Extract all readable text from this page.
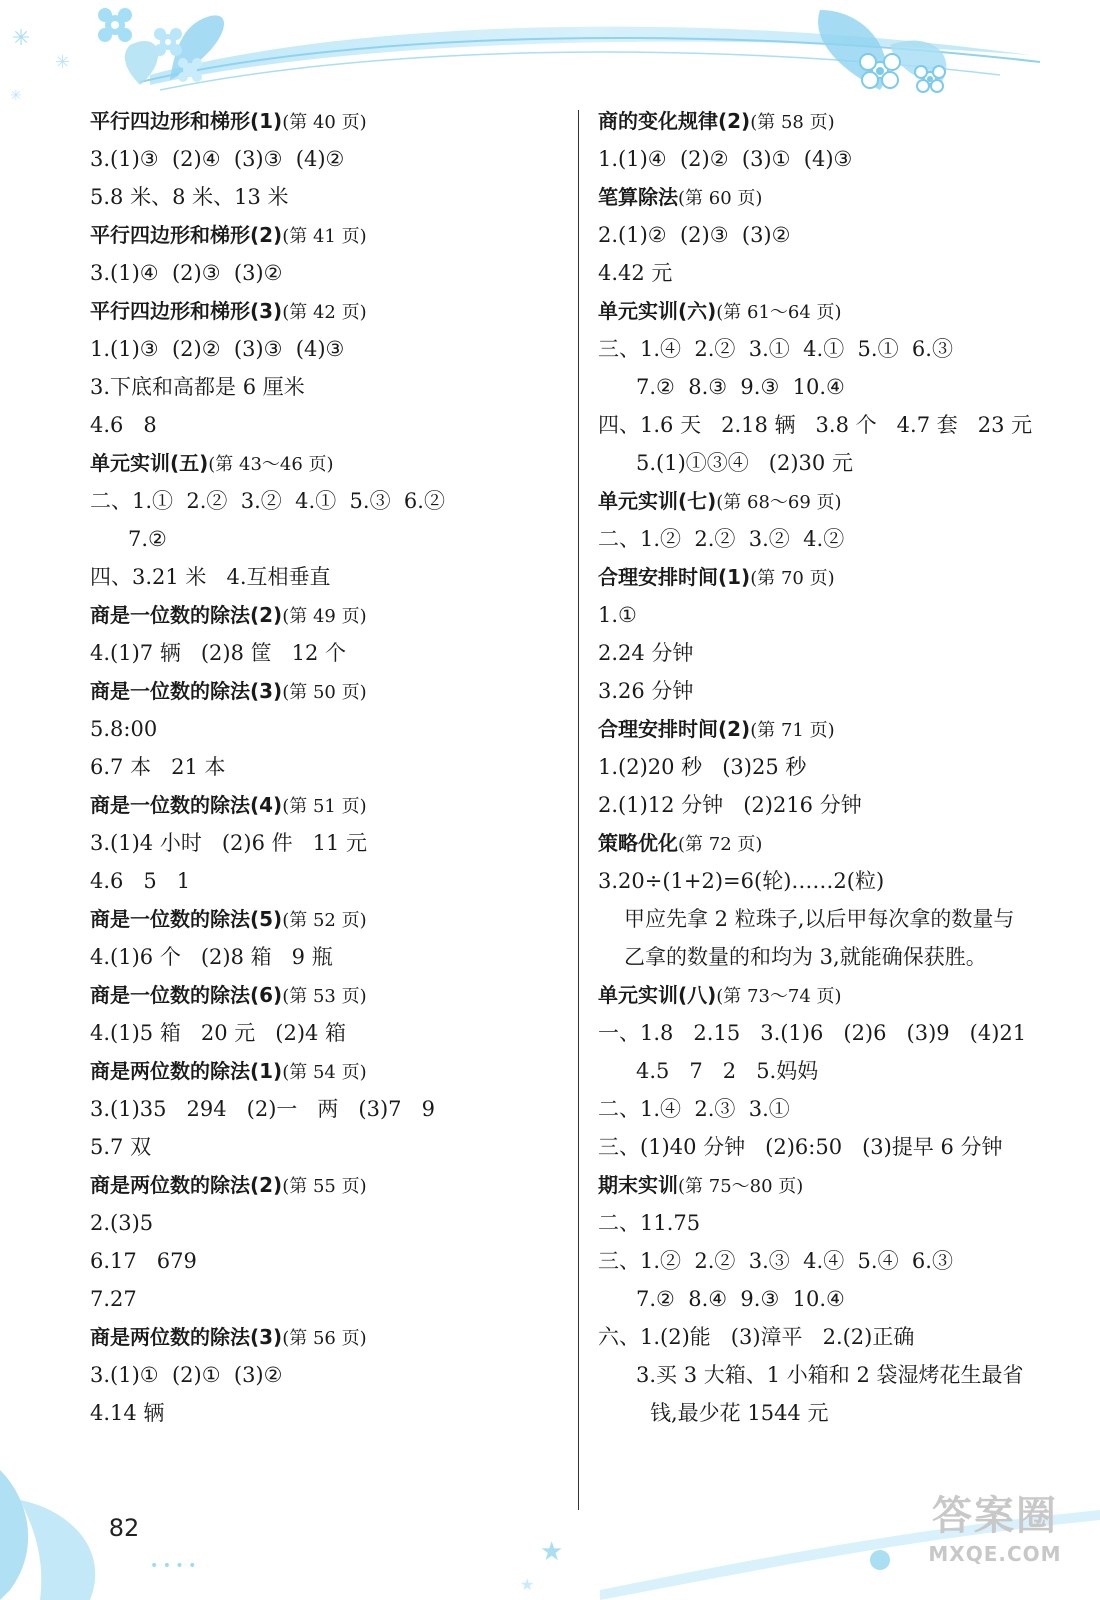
✳
✳
✳
平行四边形和梯形(1)(第 40 页)
3.(1)③  (2)④  (3)③  (4)②
5.8 米、8 米、13 米
平行四边形和梯形(2)(第 41 页)
3.(1)④  (2)③  (3)②
平行四边形和梯形(3)(第 42 页)
1.(1)③  (2)②  (3)③  (4)③
3.下底和高都是 6 厘米
4.6   8
单元实训(五)(第 43～46 页)
二、1.①  2.②  3.②  4.①  5.③  6.②
7.②
四、3.21 米   4.互相垂直
商是一位数的除法(2)(第 49 页)
4.(1)7 辆   (2)8 筐   12 个
商是一位数的除法(3)(第 50 页)
5.8:00
6.7 本   21 本
商是一位数的除法(4)(第 51 页)
3.(1)4 小时   (2)6 件   11 元
4.6   5   1
商是一位数的除法(5)(第 52 页)
4.(1)6 个   (2)8 箱   9 瓶
商是一位数的除法(6)(第 53 页)
4.(1)5 箱   20 元   (2)4 箱
商是两位数的除法(1)(第 54 页)
3.(1)35   294   (2)一   两   (3)7   9
5.7 双
商是两位数的除法(2)(第 55 页)
2.(3)5
6.17   679
7.27
商是两位数的除法(3)(第 56 页)
3.(1)①  (2)①  (3)②
4.14 辆
商的变化规律(2)(第 58 页)
1.(1)④  (2)②  (3)①  (4)③
笔算除法(第 60 页)
2.(1)②  (2)③  (3)②
4.42 元
单元实训(六)(第 61～64 页)
三、1.④  2.②  3.①  4.①  5.①  6.③
7.②  8.③  9.③  10.④
四、1.6 天   2.18 辆   3.8 个   4.7 套   23 元
5.(1)①③④   (2)30 元
单元实训(七)(第 68～69 页)
二、1.②  2.②  3.②  4.②
合理安排时间(1)(第 70 页)
1.①
2.24 分钟
3.26 分钟
合理安排时间(2)(第 71 页)
1.(2)20 秒   (3)25 秒
2.(1)12 分钟   (2)216 分钟
策略优化(第 72 页)
3.20÷(1+2)=6(轮)……2(粒)
甲应先拿 2 粒珠子,以后甲每次拿的数量与
乙拿的数量的和均为 3,就能确保获胜。
单元实训(八)(第 73～74 页)
一、1.8   2.15   3.(1)6   (2)6   (3)9   (4)21
4.5   7   2   5.妈妈
二、1.④  2.③  3.①
三、(1)40 分钟   (2)6:50   (3)提早 6 分钟
期末实训(第 75～80 页)
二、11.75
三、1.②  2.②  3.③  4.④  5.④  6.③
7.②  8.④  9.③  10.④
六、1.(2)能   (3)漳平   2.(2)正确
3.买 3 大箱、1 小箱和 2 袋湿烤花生最省
钱,最少花 1544 元
★
★
• • • •
82	答案圈
MXQE.COM
